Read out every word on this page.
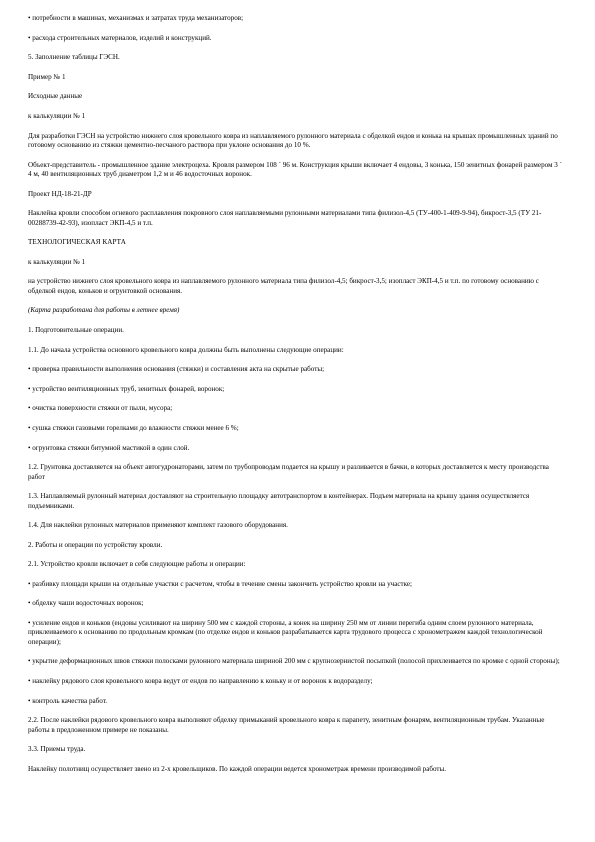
• потребности в машинах, механизмах и затратах труда механизаторов;

• расхода строительных материалов, изделий и конструкций.

5. Заполнение таблицы ГЭСН.

Пример № 1

Исходные данные

к калькуляции № 1

Для разработки ГЭСН на устройство нижнего слоя кровельного ковра из наплавляемого рулонного материала с обделкой ендов и конька на крышах промышленных зданий по готовому основанию из стяжки цементно-песчаного раствора при уклоне основания до 10 %.

Объект-представитель - промышленное здание электроцеха. Кровля размером 108 ´ 96 м. Конструкция крыши включает 4 ендовы, 3 конька, 150 зенитных фонарей размером 3 ´ 4 м, 40 вентиляционных труб диаметром 1,2 м и 46 водосточных воронок.

Проект НД-18-21-ДР

Наклейка кровли способом огневого расплавления покровного слоя наплавляемыми рулонными материалами типа филизол-4,5 (ТУ-400-1-409-9-94), бикрост-3,5 (ТУ 21-00288739-42-93), изопласт ЭКП-4,5 и т.п.

ТЕХНОЛОГИЧЕСКАЯ КАРТА

к калькуляции № 1

на устройство нижнего слоя кровельного ковра из наплавляемого рулонного материала типа филизол-4,5; бикрост-3,5; изопласт ЭКП-4,5 и т.п. по готовому основанию с обделкой ендов, коньков и огрунтовкой основания.

(Карта разработана для работы в летнее время)

1. Подготовительные операции.

1.1. До начала устройства основного кровельного ковра должны быть выполнены следующие операции:

• проверка правильности выполнения основания (стяжки) и составления акта на скрытые работы;

• устройство вентиляционных труб, зенитных фонарей, воронок;

• очистка поверхности стяжки от пыли, мусора;

• сушка стяжки газовыми горелками до влажности стяжки менее 6 %;

• огрунтовка стяжки битумной мастикой в один слой.

1.2. Грунтовка доставляется на объект автогудронаторами, затем по трубопроводам подается на крышу и разливается в бачки, в которых доставляется к месту производства работ

1.3. Наплавляемый рулонный материал доставляют на строительную площадку автотранспортом в контейнерах. Подъем материала на крышу здания осуществляется подъемниками.

1.4. Для наклейки рулонных материалов применяют комплект газового оборудования.

2. Работы и операции по устройству кровли.

2.1. Устройство кровли включает в себя следующие работы и операции:

• разбивку площади крыши на отдельные участки с расчетом, чтобы в течение смены закончить устройство кровли на участке;

• обделку чаши водосточных воронок;

• усиление ендов и коньков (ендовы усиливают на ширину 500 мм с каждой стороны, а конек на ширину 250 мм от линии перегиба одним слоем рулонного материала, приклеиваемого к основанию по продольным кромкам (по отделке ендов и коньков разрабатывается карта трудового процесса с хронометражем каждой технологической операции);

• укрытие деформационных швов стяжки полосками рулонного материала шириной 200 мм с крупнозернистой посыпкой (полосой прихлеивается по кромке с одной стороны);

• наклейку рядового слоя кровельного ковра ведут от ендов по направлению к коньку и от воронок к водоразделу;

• контроль качества работ.

2.2. После наклейки рядового кровельного ковра выполняют обделку примыканий кровельного ковра к парапету, зенитным фонарям, вентиляционным трубам. Указанные работы в предложенном примере не показаны.

3.3. Приемы труда.

Наклейку полотнищ осуществляет звено из 2-х кровельщиков. По каждой операции ведется хронометраж времени производимой работы.
